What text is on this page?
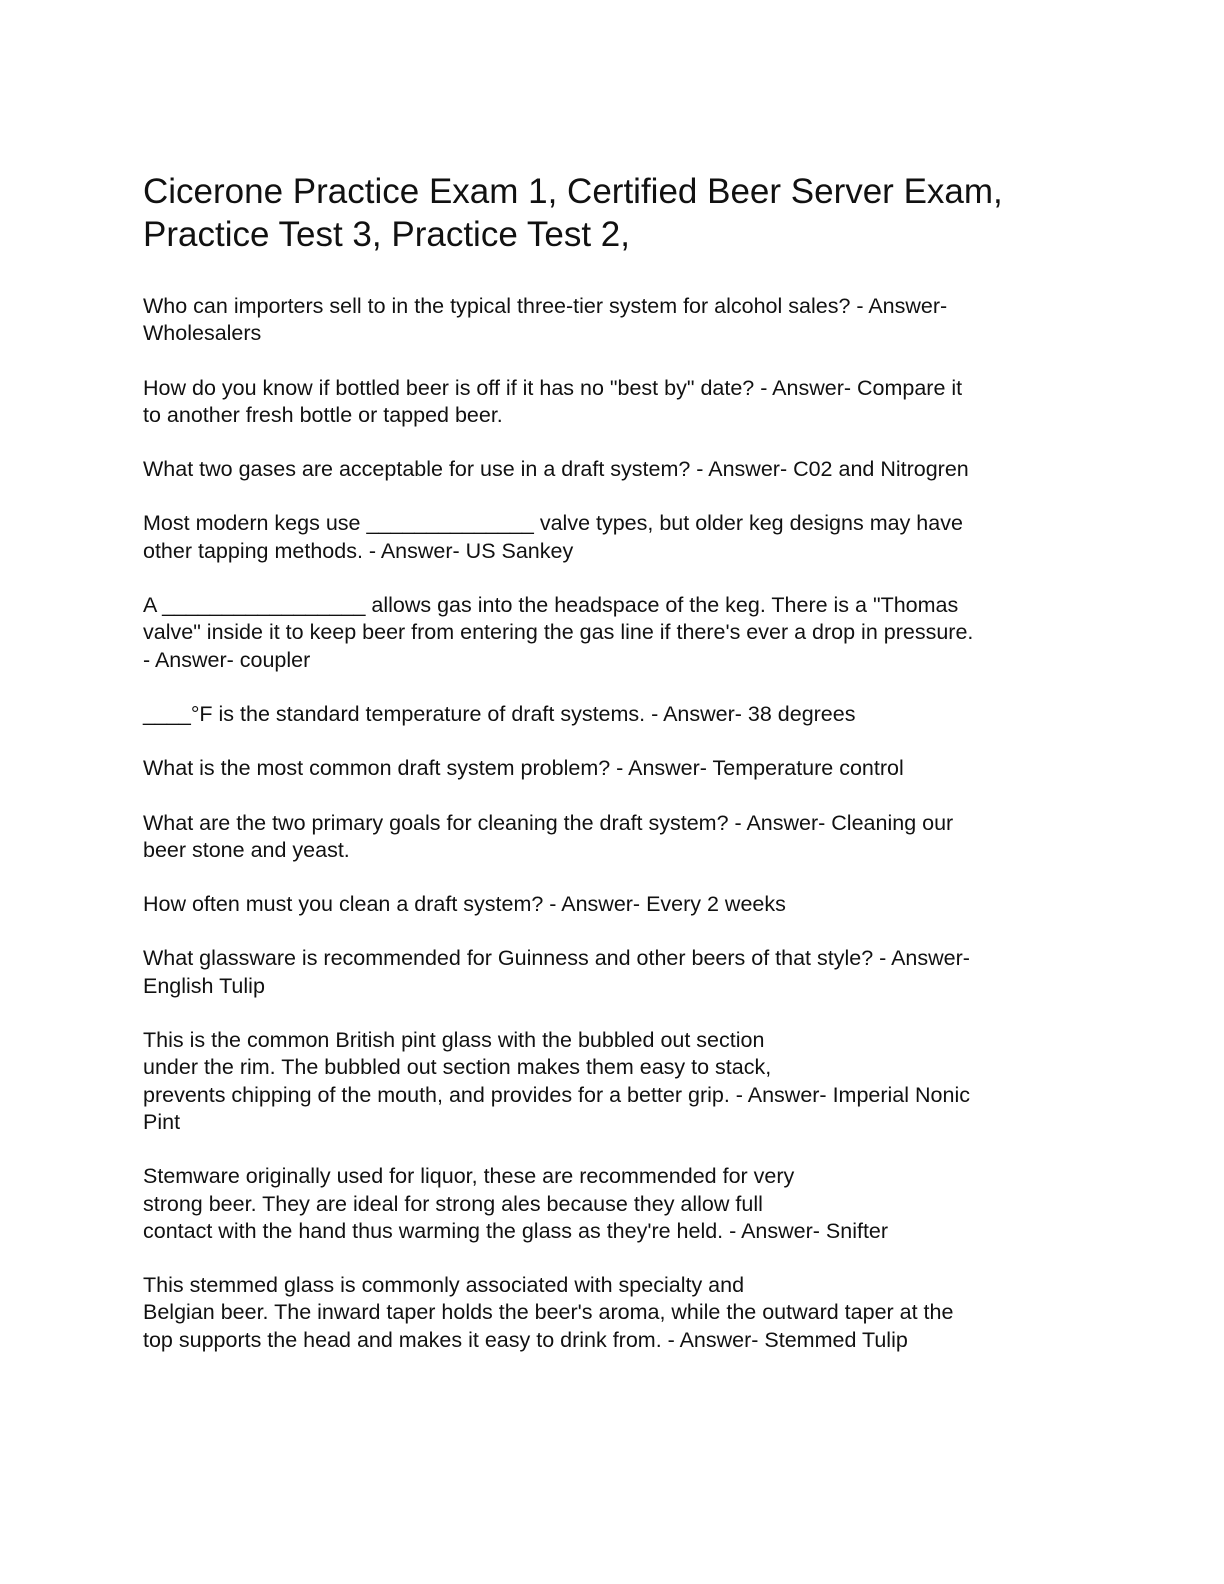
Cicerone Practice Exam 1, Certified Beer Server Exam,
Practice Test 3, Practice Test 2,
Who can importers sell to in the typical three-tier system for alcohol sales? - Answer-
Wholesalers
How do you know if bottled beer is off if it has no "best by" date? - Answer- Compare it
to another fresh bottle or tapped beer.
What two gases are acceptable for use in a draft system? - Answer- C02 and Nitrogren
Most modern kegs use ______________ valve types, but older keg designs may have
other tapping methods. - Answer- US Sankey
A _________________ allows gas into the headspace of the keg. There is a "Thomas
valve" inside it to keep beer from entering the gas line if there's ever a drop in pressure.
- Answer- coupler
____°F is the standard temperature of draft systems. - Answer- 38 degrees
What is the most common draft system problem? - Answer- Temperature control
What are the two primary goals for cleaning the draft system? - Answer- Cleaning our
beer stone and yeast.
How often must you clean a draft system? - Answer- Every 2 weeks
What glassware is recommended for Guinness and other beers of that style? - Answer-
English Tulip
This is the common British pint glass with the bubbled out section
under the rim. The bubbled out section makes them easy to stack,
prevents chipping of the mouth, and provides for a better grip. - Answer- Imperial Nonic
Pint
Stemware originally used for liquor, these are recommended for very
strong beer. They are ideal for strong ales because they allow full
contact with the hand thus warming the glass as they're held. - Answer- Snifter
This stemmed glass is commonly associated with specialty and
Belgian beer. The inward taper holds the beer's aroma, while the outward taper at the
top supports the head and makes it easy to drink from. - Answer- Stemmed Tulip
